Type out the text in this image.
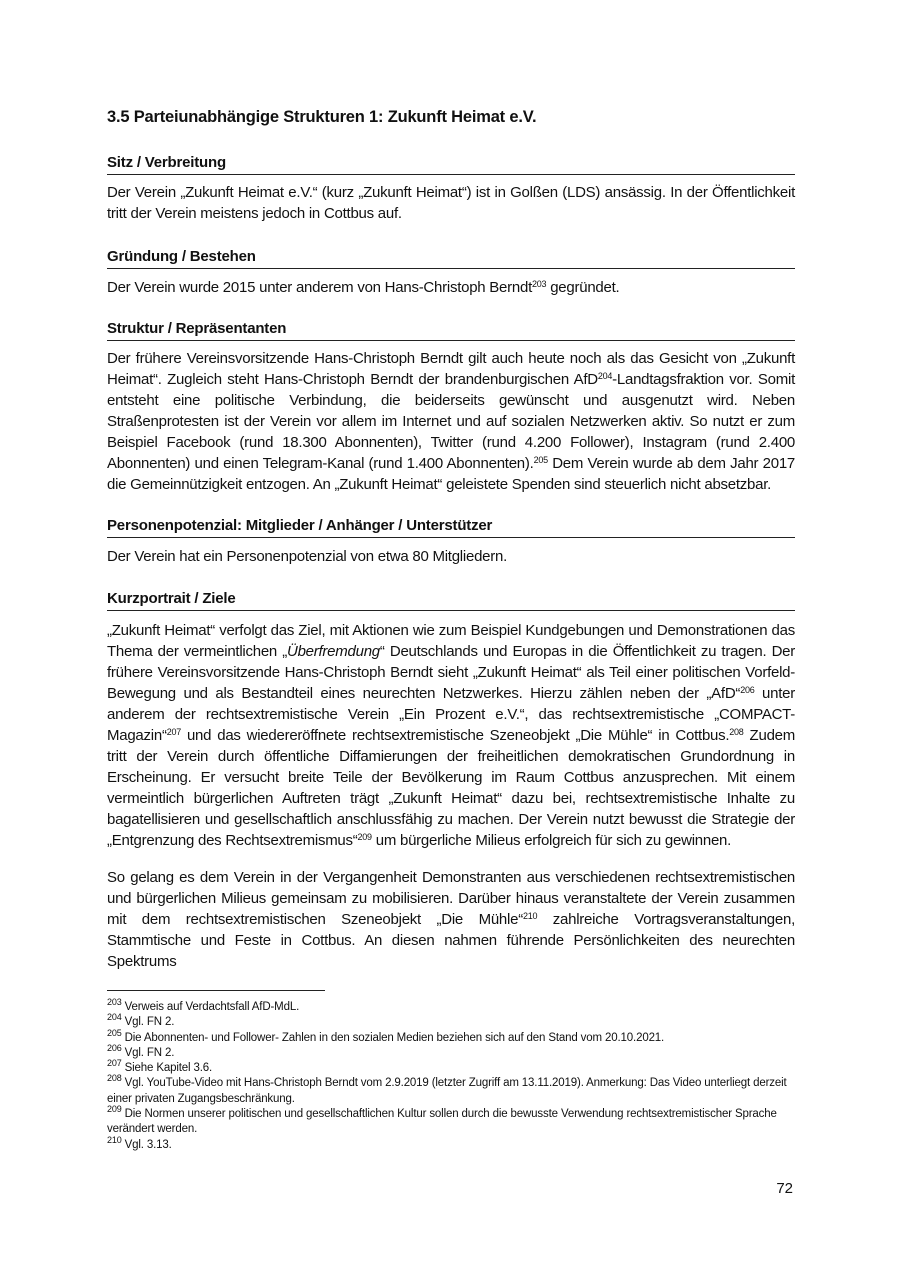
3.5 Parteiunabhängige Strukturen 1: Zukunft Heimat e.V.
Sitz / Verbreitung
Der Verein „Zukunft Heimat e.V.“ (kurz „Zukunft Heimat“) ist in Golßen (LDS) ansässig. In der Öffentlichkeit tritt der Verein meistens jedoch in Cottbus auf.
Gründung / Bestehen
Der Verein wurde 2015 unter anderem von Hans-Christoph Berndt$^{203}$ gegründet.
Struktur / Repräsentanten
Der frühere Vereinsvorsitzende Hans-Christoph Berndt gilt auch heute noch als das Gesicht von „Zukunft Heimat“. Zugleich steht Hans-Christoph Berndt der brandenburgischen AfD$^{204}$-Landtagsfraktion vor. Somit entsteht eine politische Verbindung, die beiderseits gewünscht und ausgenutzt wird. Neben Straßenprotesten ist der Verein vor allem im Internet und auf sozialen Netzwerken aktiv. So nutzt er zum Beispiel Facebook (rund 18.300 Abonnenten), Twitter (rund 4.200 Follower), Instagram (rund 2.400 Abonnenten) und einen Telegram-Kanal (rund 1.400 Abonnenten).$^{205}$ Dem Verein wurde ab dem Jahr 2017 die Gemeinnützigkeit entzogen. An „Zukunft Heimat“ geleistete Spenden sind steuerlich nicht absetzbar.
Personenpotenzial: Mitglieder / Anhänger / Unterstützer
Der Verein hat ein Personenpotenzial von etwa 80 Mitgliedern.
Kurzportrait / Ziele
„Zukunft Heimat“ verfolgt das Ziel, mit Aktionen wie zum Beispiel Kundgebungen und Demonstrationen das Thema der vermeintlichen „Überfremdung“ Deutschlands und Europas in die Öffentlichkeit zu tragen. Der frühere Vereinsvorsitzende Hans-Christoph Berndt sieht „Zukunft Heimat“ als Teil einer politischen Vorfeld-Bewegung und als Bestandteil eines neurechten Netzwerkes. Hierzu zählen neben der „AfD“$^{206}$ unter anderem der rechtsextremistische Verein „Ein Prozent e.V.“, das rechtsextremistische „COMPACT-Magazin“$^{207}$ und das wiedereröffnete rechtsextremistische Szeneobjekt „Die Mühle“ in Cottbus.$^{208}$ Zudem tritt der Verein durch öffentliche Diffamierungen der freiheitlichen demokratischen Grundordnung in Erscheinung. Er versucht breite Teile der Bevölkerung im Raum Cottbus anzusprechen. Mit einem vermeintlich bürgerlichen Auftreten trägt „Zukunft Heimat“ dazu bei, rechtsextremistische Inhalte zu bagatellisieren und gesellschaftlich anschlussfähig zu machen. Der Verein nutzt bewusst die Strategie der „Entgrenzung des Rechtsextremismus“$^{209}$ um bürgerliche Milieus erfolgreich für sich zu gewinnen.
So gelang es dem Verein in der Vergangenheit Demonstranten aus verschiedenen rechtsextremistischen und bürgerlichen Milieus gemeinsam zu mobilisieren. Darüber hinaus veranstaltete der Verein zusammen mit dem rechtsextremistischen Szeneobjekt „Die Mühle“$^{210}$ zahlreiche Vortragsveranstaltungen, Stammtische und Feste in Cottbus. An diesen nahmen führende Persönlichkeiten des neurechten Spektrums

$^{203}$ Verweis auf Verdachtsfall AfD-MdL.

$^{204}$ Vgl. FN 2.

$^{205}$ Die Abonnenten- und Follower- Zahlen in den sozialen Medien beziehen sich auf den Stand vom 20.10.2021.

$^{206}$ Vgl. FN 2.

$^{207}$ Siehe Kapitel 3.6.

$^{208}$ Vgl. YouTube-Video mit Hans-Christoph Berndt vom 2.9.2019 (letzter Zugriff am 13.11.2019). Anmerkung: Das Video unterliegt derzeit einer privaten Zugangsbeschränkung.

$^{209}$ Die Normen unserer politischen und gesellschaftlichen Kultur sollen durch die bewusste Verwendung rechtsextremistischer Sprache verändert werden.

$^{210}$ Vgl. 3.13.

72
